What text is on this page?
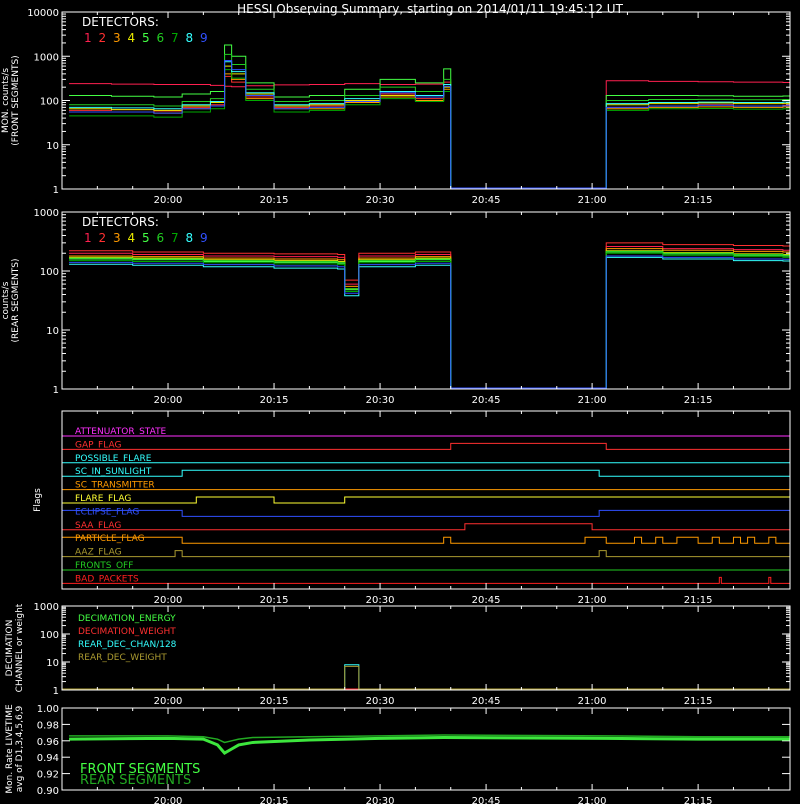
HESSI Observing Summary, starting on 2014/01/11 19:45:12 UT
1
10
100
1000
10000
DETECTORS:
1 2 3 4 5 6 7 8 9
MON. counts/s (FRONT SEGMENTS)
20:00	20:15	20:30	20:45	21:00	21:15
1
10
100
1000
DETECTORS:
1 2 3 4 5 6 7 8 9
counts/s (REAR SEGMENTS)
20:00	20:15	20:30	20:45	21:00	21:15
ATTENUATOR_STATE
GAP_FLAG
POSSIBLE_FLARE
SC_IN_SUNLIGHT
SC_TRANSMITTER
FLARE_FLAG
ECLIPSE_FLAG
SAA_FLAG
PARTICLE_FLAG
AAZ_FLAG
FRONTS_OFF
BAD_PACKETS
Flags
20:00	20:15	20:30	20:45	21:00	21:15
1
10
100
1000
DECIMATION_ENERGY
DECIMATION_WEIGHT
REAR_DEC_CHAN/128
REAR_DEC_WEIGHT
DECIMATION CHANNEL or weight
20:00	20:15	20:30	20:45	21:00	21:15
0.90
0.92
0.94
0.96
0.98
1.00
FRONT SEGMENTS
REAR SEGMENTS
Mon. Rate LIVETIME avg of D1,3,4,5,6,9
20:00	20:15	20:30	20:45	21:00	21:15
